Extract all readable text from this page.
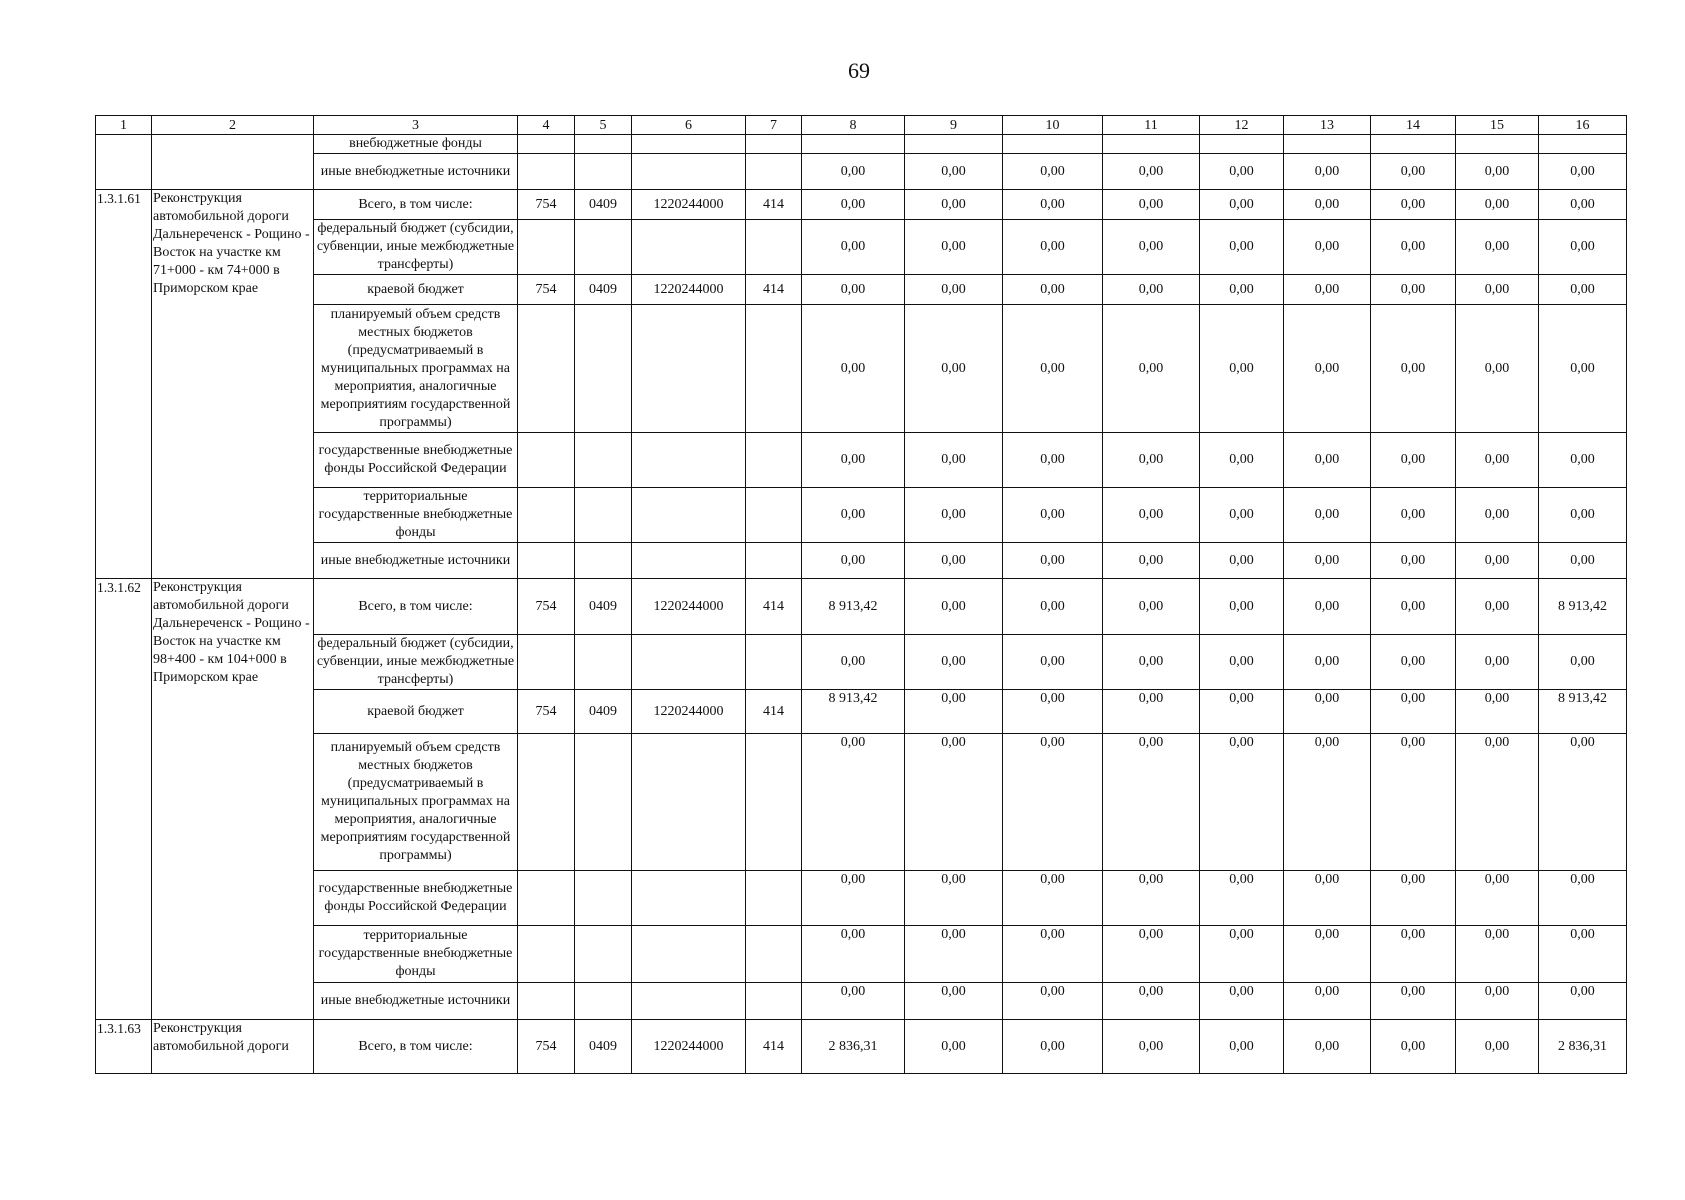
69
1	2	3	4	5	6	7	8	9	10	11	12	13	14	15	16
		внебюджетные фонды													
		иные внебюджетные источники					0,00	0,00	0,00	0,00	0,00	0,00	0,00	0,00	0,00
1.3.1.61	Реконструкция автомобильной дороги Дальнереченск - Рощино - Восток на участке км 71+000 - км 74+000 в Приморском крае	Всего, в том числе:	754	0409	1220244000	414	0,00	0,00	0,00	0,00	0,00	0,00	0,00	0,00	0,00
		федеральный бюджет (субсидии, субвенции, иные межбюджетные трансферты)					0,00	0,00	0,00	0,00	0,00	0,00	0,00	0,00	0,00
		краевой бюджет	754	0409	1220244000	414	0,00	0,00	0,00	0,00	0,00	0,00	0,00	0,00	0,00
		планируемый объем средств местных бюджетов (предусматриваемый в муниципальных программах на мероприятия, аналогичные мероприятиям государственной программы)					0,00	0,00	0,00	0,00	0,00	0,00	0,00	0,00	0,00
		государственные внебюджетные фонды Российской Федерации					0,00	0,00	0,00	0,00	0,00	0,00	0,00	0,00	0,00
		территориальные государственные внебюджетные фонды					0,00	0,00	0,00	0,00	0,00	0,00	0,00	0,00	0,00
		иные внебюджетные источники					0,00	0,00	0,00	0,00	0,00	0,00	0,00	0,00	0,00
1.3.1.62	Реконструкция автомобильной дороги Дальнереченск - Рощино - Восток на участке км 98+400 - км 104+000 в Приморском крае	Всего, в том числе:	754	0409	1220244000	414	8 913,42	0,00	0,00	0,00	0,00	0,00	0,00	0,00	8 913,42
		федеральный бюджет (субсидии, субвенции, иные межбюджетные трансферты)					0,00	0,00	0,00	0,00	0,00	0,00	0,00	0,00	0,00
		краевой бюджет	754	0409	1220244000	414	8 913,42	0,00	0,00	0,00	0,00	0,00	0,00	0,00	8 913,42
		планируемый объем средств местных бюджетов (предусматриваемый в муниципальных программах на мероприятия, аналогичные мероприятиям государственной программы)					0,00	0,00	0,00	0,00	0,00	0,00	0,00	0,00	0,00
		государственные внебюджетные фонды Российской Федерации					0,00	0,00	0,00	0,00	0,00	0,00	0,00	0,00	0,00
		территориальные государственные внебюджетные фонды					0,00	0,00	0,00	0,00	0,00	0,00	0,00	0,00	0,00
		иные внебюджетные источники					0,00	0,00	0,00	0,00	0,00	0,00	0,00	0,00	0,00
1.3.1.63	Реконструкция автомобильной дороги	Всего, в том числе:	754	0409	1220244000	414	2 836,31	0,00	0,00	0,00	0,00	0,00	0,00	0,00	2 836,31
